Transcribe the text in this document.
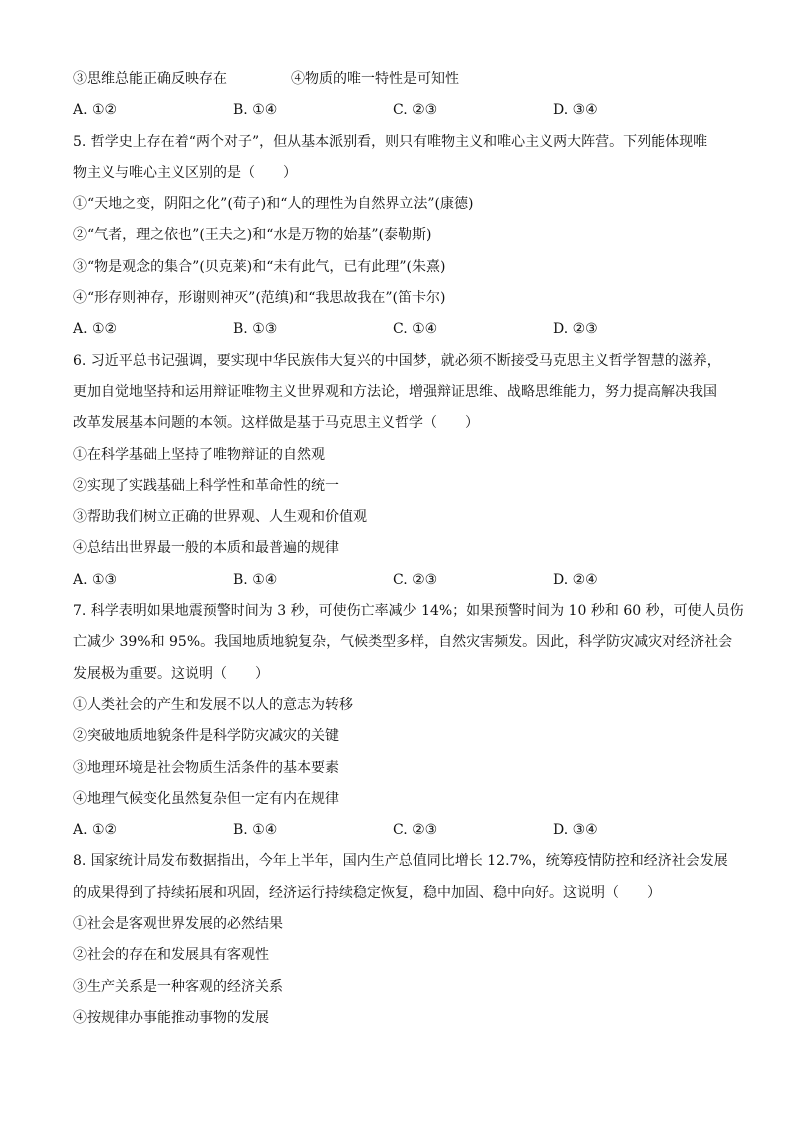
③思维总能正确反映存在	④物质的唯一特性是可知性
A. ①②	B. ①④	C. ②③	D. ③④
5. 哲学史上存在着“两个对子”，但从基本派别看，则只有唯物主义和唯心主义两大阵营。下列能体现唯
物主义与唯心主义区别的是（　　）
①“天地之变，阴阳之化”(荀子)和“人的理性为自然界立法”(康德)
②“气者，理之依也”(王夫之)和“水是万物的始基”(泰勒斯)
③“物是观念的集合”(贝克莱)和“未有此气，已有此理”(朱熹)
④“形存则神存，形谢则神灭”(范缜)和“我思故我在”(笛卡尔)
A. ①②	B. ①③	C. ①④	D. ②③
6. 习近平总书记强调，要实现中华民族伟大复兴的中国梦，就必须不断接受马克思主义哲学智慧的滋养，
更加自觉地坚持和运用辩证唯物主义世界观和方法论，增强辩证思维、战略思维能力，努力提高解决我国
改革发展基本问题的本领。这样做是基于马克思主义哲学（　　）
①在科学基础上坚持了唯物辩证的自然观
②实现了实践基础上科学性和革命性的统一
③帮助我们树立正确的世界观、人生观和价值观
④总结出世界最一般的本质和最普遍的规律
A. ①③	B. ①④	C. ②③	D. ②④
7. 科学表明如果地震预警时间为 3 秒，可使伤亡率减少 14%；如果预警时间为 10 秒和 60 秒，可使人员伤
亡减少 39%和 95%。我国地质地貌复杂，气候类型多样，自然灾害频发。因此，科学防灾减灾对经济社会
发展极为重要。这说明（　　）
①人类社会的产生和发展不以人的意志为转移
②突破地质地貌条件是科学防灾减灾的关键
③地理环境是社会物质生活条件的基本要素
④地理气候变化虽然复杂但一定有内在规律
A. ①②	B. ①④	C. ②③	D. ③④
8. 国家统计局发布数据指出，今年上半年，国内生产总值同比增长 12.7%，统筹疫情防控和经济社会发展
的成果得到了持续拓展和巩固，经济运行持续稳定恢复，稳中加固、稳中向好。这说明（　　）
①社会是客观世界发展的必然结果
②社会的存在和发展具有客观性
③生产关系是一种客观的经济关系
④按规律办事能推动事物的发展
